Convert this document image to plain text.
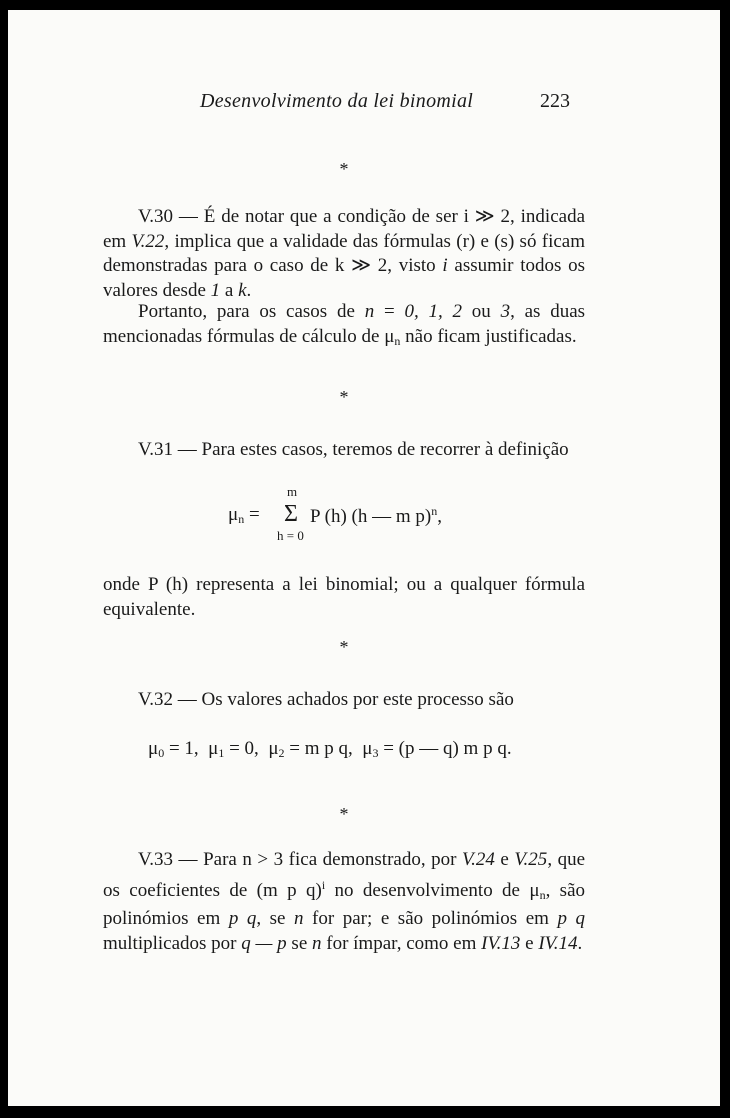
Desenvolvimento da lei binomial	223
*

V.30 — É de notar que a condição de ser i ≫ 2, indicada em V.22, implica que a validade das fórmulas (r) e (s) só ficam demonstradas para o caso de k ≫ 2, visto i assumir todos os valores desde 1 a k.

Portanto, para os casos de n = 0, 1, 2 ou 3, as duas mencionadas fórmulas de cálculo de $\mu_n$ não ficam justificadas.

*

V.31 — Para estes casos, teremos de recorrer à definição

m
$\mu_n = \Sigma$ P (h) (h — m p)$^n$,
h = 0

onde P (h) representa a lei binomial; ou a qualquer fórmula equivalente.

*

V.32 — Os valores achados por este processo são

$\mu_0 = 1$, $\mu_1 = 0$, $\mu_2 = m$ p q, $\mu_3 = (p$ — q) m p q.
*

V.33 — Para n > 3 fica demonstrado, por V.24 e V.25, que os coeficientes de (m p q)$^i$ no desenvolvimento de $\mu_n$, são polinómios em p q, se n for par; e são polinómios em p q multiplicados por q — p se n for ímpar, como em IV.13 e IV.14.
